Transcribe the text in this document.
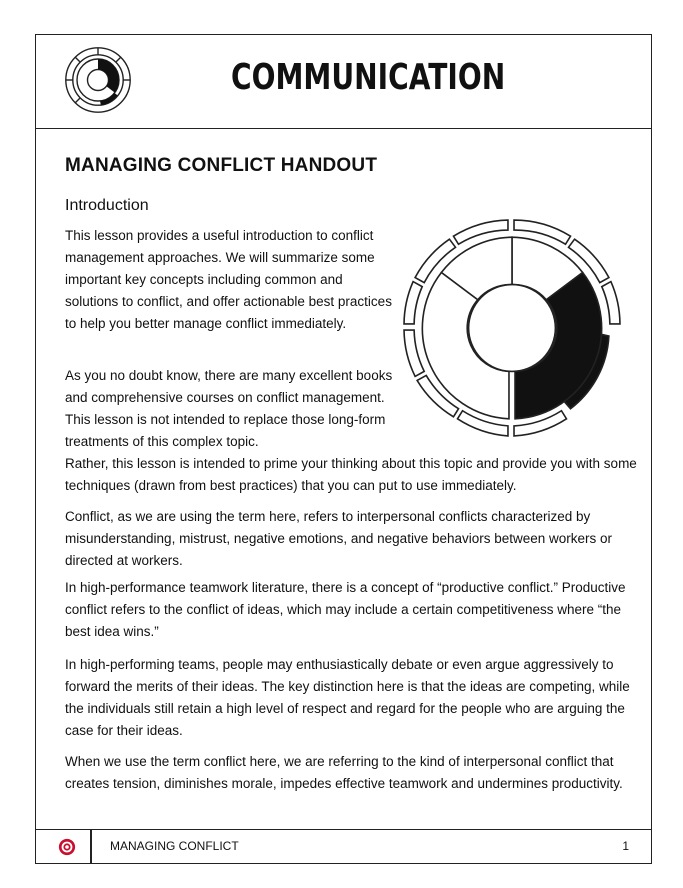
COMMUNICATION
MANAGING CONFLICT HANDOUT
Introduction

This lesson provides a useful introduction to conflict management approaches. We will summarize some important key concepts including common and solutions to conflict, and offer actionable best practices to help you better manage conflict immediately.

As you no doubt know, there are many excellent books and comprehensive courses on conflict management. This lesson is not intended to replace those long-form treatments of this complex topic.

Rather, this lesson is intended to prime your thinking about this topic and provide you with some techniques (drawn from best practices) that you can put to use immediately.

Conflict, as we are using the term here, refers to interpersonal conflicts characterized by misunderstanding, mistrust, negative emotions, and negative behaviors between workers or directed at workers.

In high-performance teamwork literature, there is a concept of “productive conflict.” Productive conflict refers to the conflict of ideas, which may include a certain competitiveness where “the best idea wins.”

In high-performing teams, people may enthusiastically debate or even argue aggressively to forward the merits of their ideas. The key distinction here is that the ideas are competing, while the individuals still retain a high level of respect and regard for the people who are arguing the case for their ideas.

When we use the term conflict here, we are referring to the kind of interpersonal conflict that creates tension, diminishes morale, impedes effective teamwork and undermines productivity.

MANAGING CONFLICT	1
